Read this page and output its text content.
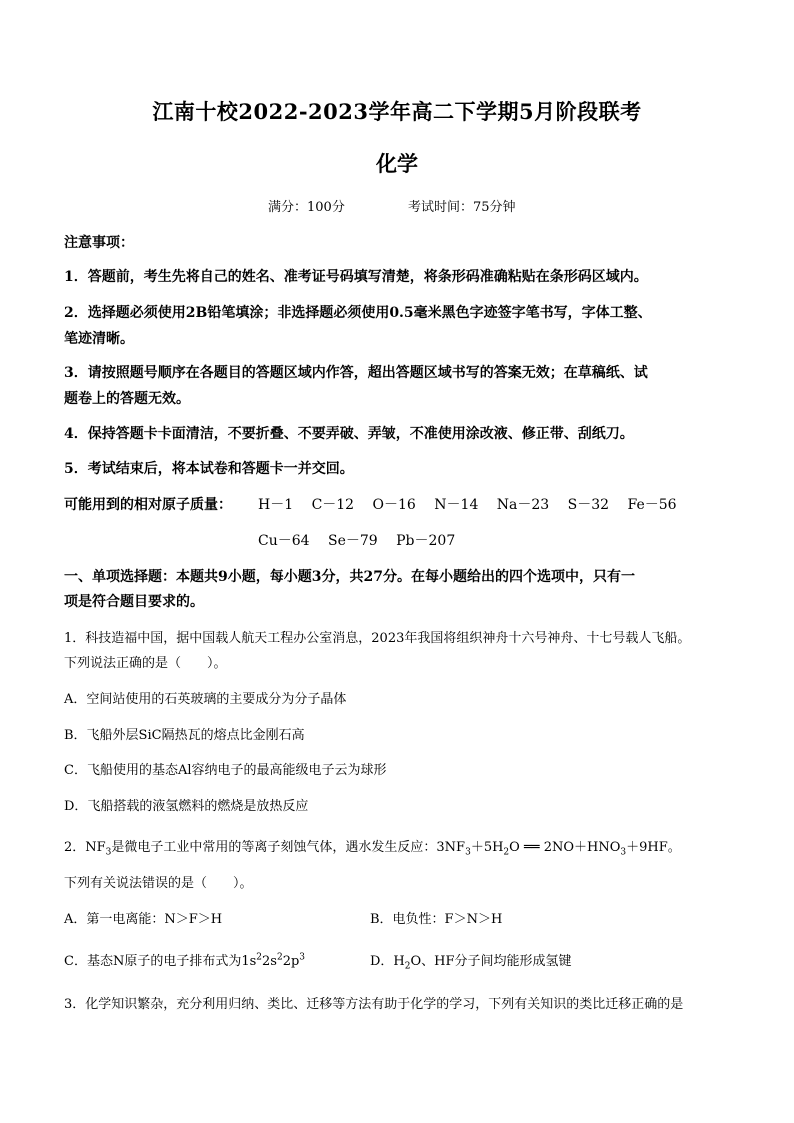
江南十校2022-2023学年高二下学期5月阶段联考
化学
满分：100分	考试时间：75分钟
注意事项：
1．答题前，考生先将自己的姓名、准考证号码填写清楚，将条形码准确粘贴在条形码区域内。
2．选择题必须使用2B铅笔填涂；非选择题必须使用0.5毫米黑色字迹签字笔书写，字体工整、
笔迹清晰。
3．请按照题号顺序在各题目的答题区域内作答，超出答题区域书写的答案无效；在草稿纸、试
题卷上的答题无效。
4．保持答题卡卡面清洁，不要折叠、不要弄破、弄皱，不准使用涂改液、修正带、刮纸刀。
5．考试结束后，将本试卷和答题卡一并交回。
可能用到的相对原子质量： H－1　 C－12　 O－16　 N－14　 Na－23　 S－32　 Fe－56
Cu－64　 Se－79　 Pb－207
一、单项选择题：本题共9小题，每小题3分，共27分。在每小题给出的四个选项中，只有一
项是符合题目要求的。
1．科技造福中国，据中国载人航天工程办公室消息，2023年我国将组织神舟十六号神舟、十七号载人飞船。
下列说法正确的是（　　）。
A．空间站使用的石英玻璃的主要成分为分子晶体
B．飞船外层SiC隔热瓦的熔点比金刚石高
C．飞船使用的基态Al容纳电子的最高能级电子云为球形
D．飞船搭载的液氢燃料的燃烧是放热反应
2．$NF_3$是微电子工业中常用的等离子刻蚀气体，遇水发生反应：$3NF_3+5H_2O$ ══ $2NO+HNO_3+9HF$。
下列有关说法错误的是（　　）。
A．第一电离能：N＞F＞H	B．电负性：F＞N＞H
C．基态N原子的电子排布式为$1s^22s^22p^3$	D．$H_2O$、HF分子间均能形成氢键
3．化学知识繁杂，充分利用归纳、类比、迁移等方法有助于化学的学习，下列有关知识的类比迁移正确的是
